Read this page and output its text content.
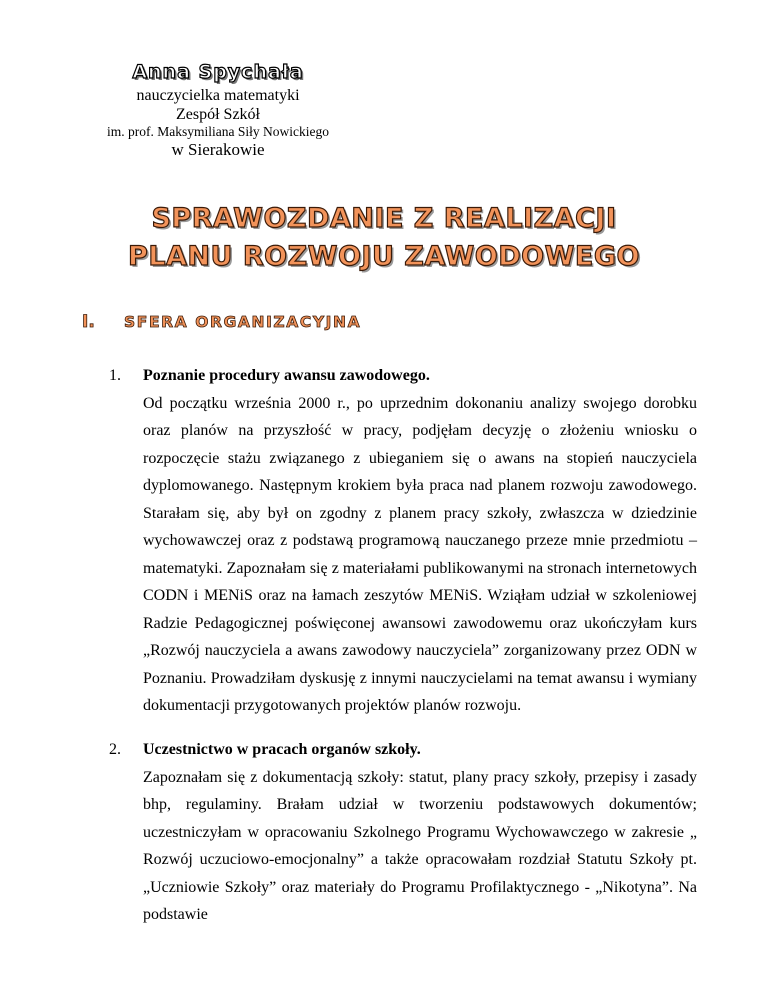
Anna Spychała
nauczycielka matematyki
Zespół Szkół
im. prof. Maksymiliana Siły Nowickiego
w Sierakowie
SPRAWOZDANIE Z REALIZACJI
PLANU ROZWOJU ZAWODOWEGO
I.	SFERA ORGANIZACYJNA
1.	Poznanie procedury awansu zawodowego.

Od początku września 2000 r., po uprzednim dokonaniu analizy swojego dorobku oraz planów na przyszłość w pracy, podjęłam decyzję o złożeniu wniosku o rozpoczęcie stażu związanego z ubieganiem się o awans na stopień nauczyciela dyplomowanego. Następnym krokiem była praca nad planem rozwoju zawodowego. Starałam się, aby był on zgodny z planem pracy szkoły, zwłaszcza w dziedzinie wychowawczej oraz z podstawą programową nauczanego przeze mnie przedmiotu – matematyki. Zapoznałam się z materiałami publikowanymi na stronach internetowych CODN i MENiS oraz na łamach zeszytów MENiS. Wziąłam udział w szkoleniowej Radzie Pedagogicznej poświęconej awansowi zawodowemu oraz ukończyłam kurs „Rozwój nauczyciela a awans zawodowy nauczyciela” zorganizowany przez ODN w Poznaniu. Prowadziłam dyskusję z innymi nauczycielami na temat awansu i wymiany dokumentacji przygotowanych projektów planów rozwoju.

2.	Uczestnictwo w pracach organów szkoły.

Zapoznałam się z dokumentacją szkoły: statut, plany pracy szkoły, przepisy i zasady bhp, regulaminy. Brałam udział w tworzeniu podstawowych dokumentów; uczestniczyłam w opracowaniu Szkolnego Programu Wychowawczego w zakresie „ Rozwój uczuciowo-emocjonalny” a także opracowałam rozdział Statutu Szkoły pt. „Uczniowie Szkoły” oraz materiały do Programu Profilaktycznego - „Nikotyna”. Na podstawie
